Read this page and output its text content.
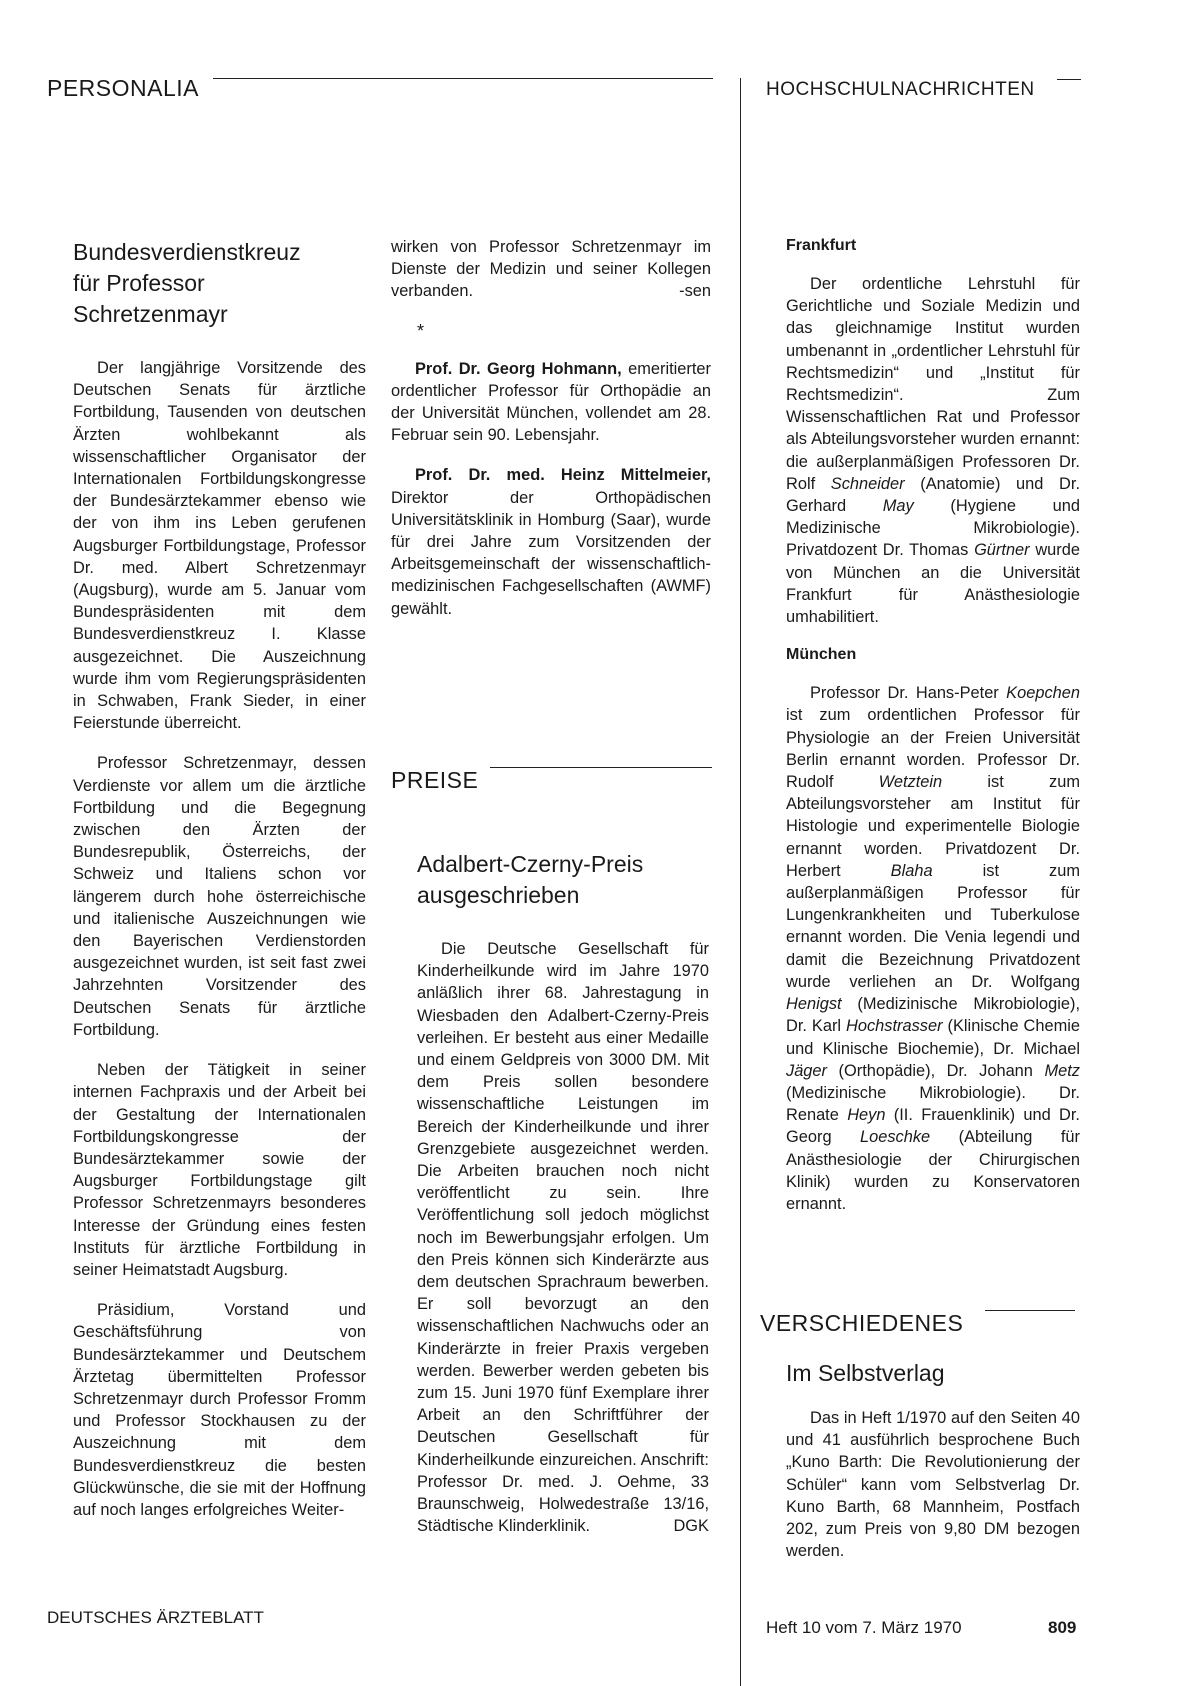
PERSONALIA	HOCHSCHULNACHRICHTEN
Bundesverdienstkreuz
für Professor
Schretzenmayr

Der langjährige Vorsitzende des Deutschen Senats für ärztliche Fortbildung, Tausenden von deutschen Ärzten wohlbekannt als wissenschaftlicher Organisator der Internationalen Fortbildungskongresse der Bundesärztekammer ebenso wie der von ihm ins Leben gerufenen Augsburger Fortbildungstage, Professor Dr. med. Albert Schretzenmayr (Augsburg), wurde am 5. Januar vom Bundespräsidenten mit dem Bundesverdienstkreuz I. Klasse ausgezeichnet. Die Auszeichnung wurde ihm vom Regierungspräsidenten in Schwaben, Frank Sieder, in einer Feierstunde überreicht.

Professor Schretzenmayr, dessen Verdienste vor allem um die ärztliche Fortbildung und die Begegnung zwischen den Ärzten der Bundesrepublik, Österreichs, der Schweiz und Italiens schon vor längerem durch hohe österreichische und italienische Auszeichnungen wie den Bayerischen Verdienstorden ausgezeichnet wurden, ist seit fast zwei Jahrzehnten Vorsitzender des Deutschen Senats für ärztliche Fortbildung.

Neben der Tätigkeit in seiner internen Fachpraxis und der Arbeit bei der Gestaltung der Internationalen Fortbildungskongresse der Bundesärztekammer sowie der Augsburger Fortbildungstage gilt Professor Schretzenmayrs besonderes Interesse der Gründung eines festen Instituts für ärztliche Fortbildung in seiner Heimatstadt Augsburg.

Präsidium, Vorstand und Geschäftsführung von Bundesärztekammer und Deutschem Ärztetag übermittelten Professor Schretzenmayr durch Professor Fromm und Professor Stockhausen zu der Auszeichnung mit dem Bundesverdienstkreuz die besten Glückwünsche, die sie mit der Hoffnung auf noch langes erfolgreiches Weiter-

wirken von Professor Schretzenmayr im Dienste der Medizin und seiner Kollegen verbanden.	-sen

*

Prof. Dr. Georg Hohmann, emeritierter ordentlicher Professor für Orthopädie an der Universität München, vollendet am 28. Februar sein 90. Lebensjahr.

Prof. Dr. med. Heinz Mittelmeier, Direktor der Orthopädischen Universitätsklinik in Homburg (Saar), wurde für drei Jahre zum Vorsitzenden der Arbeitsgemeinschaft der wissenschaftlich-medizinischen Fachgesellschaften (AWMF) gewählt.

PREISE
Adalbert-Czerny-Preis
ausgeschrieben

Die Deutsche Gesellschaft für Kinderheilkunde wird im Jahre 1970 anläßlich ihrer 68. Jahrestagung in Wiesbaden den Adalbert-Czerny-Preis verleihen. Er besteht aus einer Medaille und einem Geldpreis von 3000 DM. Mit dem Preis sollen besondere wissenschaftliche Leistungen im Bereich der Kinderheilkunde und ihrer Grenzgebiete ausgezeichnet werden. Die Arbeiten brauchen noch nicht veröffentlicht zu sein. Ihre Veröffentlichung soll jedoch möglichst noch im Bewerbungsjahr erfolgen. Um den Preis können sich Kinderärzte aus dem deutschen Sprachraum bewerben. Er soll bevorzugt an den wissenschaftlichen Nachwuchs oder an Kinderärzte in freier Praxis vergeben werden. Bewerber werden gebeten bis zum 15. Juni 1970 fünf Exemplare ihrer Arbeit an den Schriftführer der Deutschen Gesellschaft für Kinderheilkunde einzureichen. Anschrift: Professor Dr. med. J. Oehme, 33 Braunschweig, Holwedestraße 13/16, Städtische Klinderklinik.	DGK

Frankfurt

Der ordentliche Lehrstuhl für Gerichtliche und Soziale Medizin und das gleichnamige Institut wurden umbenannt in „ordentlicher Lehrstuhl für Rechtsmedizin“ und „Institut für Rechtsmedizin“. Zum Wissenschaftlichen Rat und Professor als Abteilungsvorsteher wurden ernannt: die außerplanmäßigen Professoren Dr. Rolf Schneider (Anatomie) und Dr. Gerhard May (Hygiene und Medizinische Mikrobiologie). Privatdozent Dr. Thomas Gürtner wurde von München an die Universität Frankfurt für Anästhesiologie umhabilitiert.

München

Professor Dr. Hans-Peter Koepchen ist zum ordentlichen Professor für Physiologie an der Freien Universität Berlin ernannt worden. Professor Dr. Rudolf Wetztein ist zum Abteilungsvorsteher am Institut für Histologie und experimentelle Biologie ernannt worden. Privatdozent Dr. Herbert Blaha ist zum außerplanmäßigen Professor für Lungenkrankheiten und Tuberkulose ernannt worden. Die Venia legendi und damit die Bezeichnung Privatdozent wurde verliehen an Dr. Wolfgang Henigst (Medizinische Mikrobiologie), Dr. Karl Hochstrasser (Klinische Chemie und Klinische Biochemie), Dr. Michael Jäger (Orthopädie), Dr. Johann Metz (Medizinische Mikrobiologie). Dr. Renate Heyn (II. Frauenklinik) und Dr. Georg Loeschke (Abteilung für Anästhesiologie der Chirurgischen Klinik) wurden zu Konservatoren ernannt.

VERSCHIEDENES
Im Selbstverlag

Das in Heft 1/1970 auf den Seiten 40 und 41 ausführlich besprochene Buch „Kuno Barth: Die Revolutionierung der Schüler“ kann vom Selbstverlag Dr. Kuno Barth, 68 Mannheim, Postfach 202, zum Preis von 9,80 DM bezogen werden.

DEUTSCHES ÄRZTEBLATT
Heft 10 vom 7. März 1970	809
